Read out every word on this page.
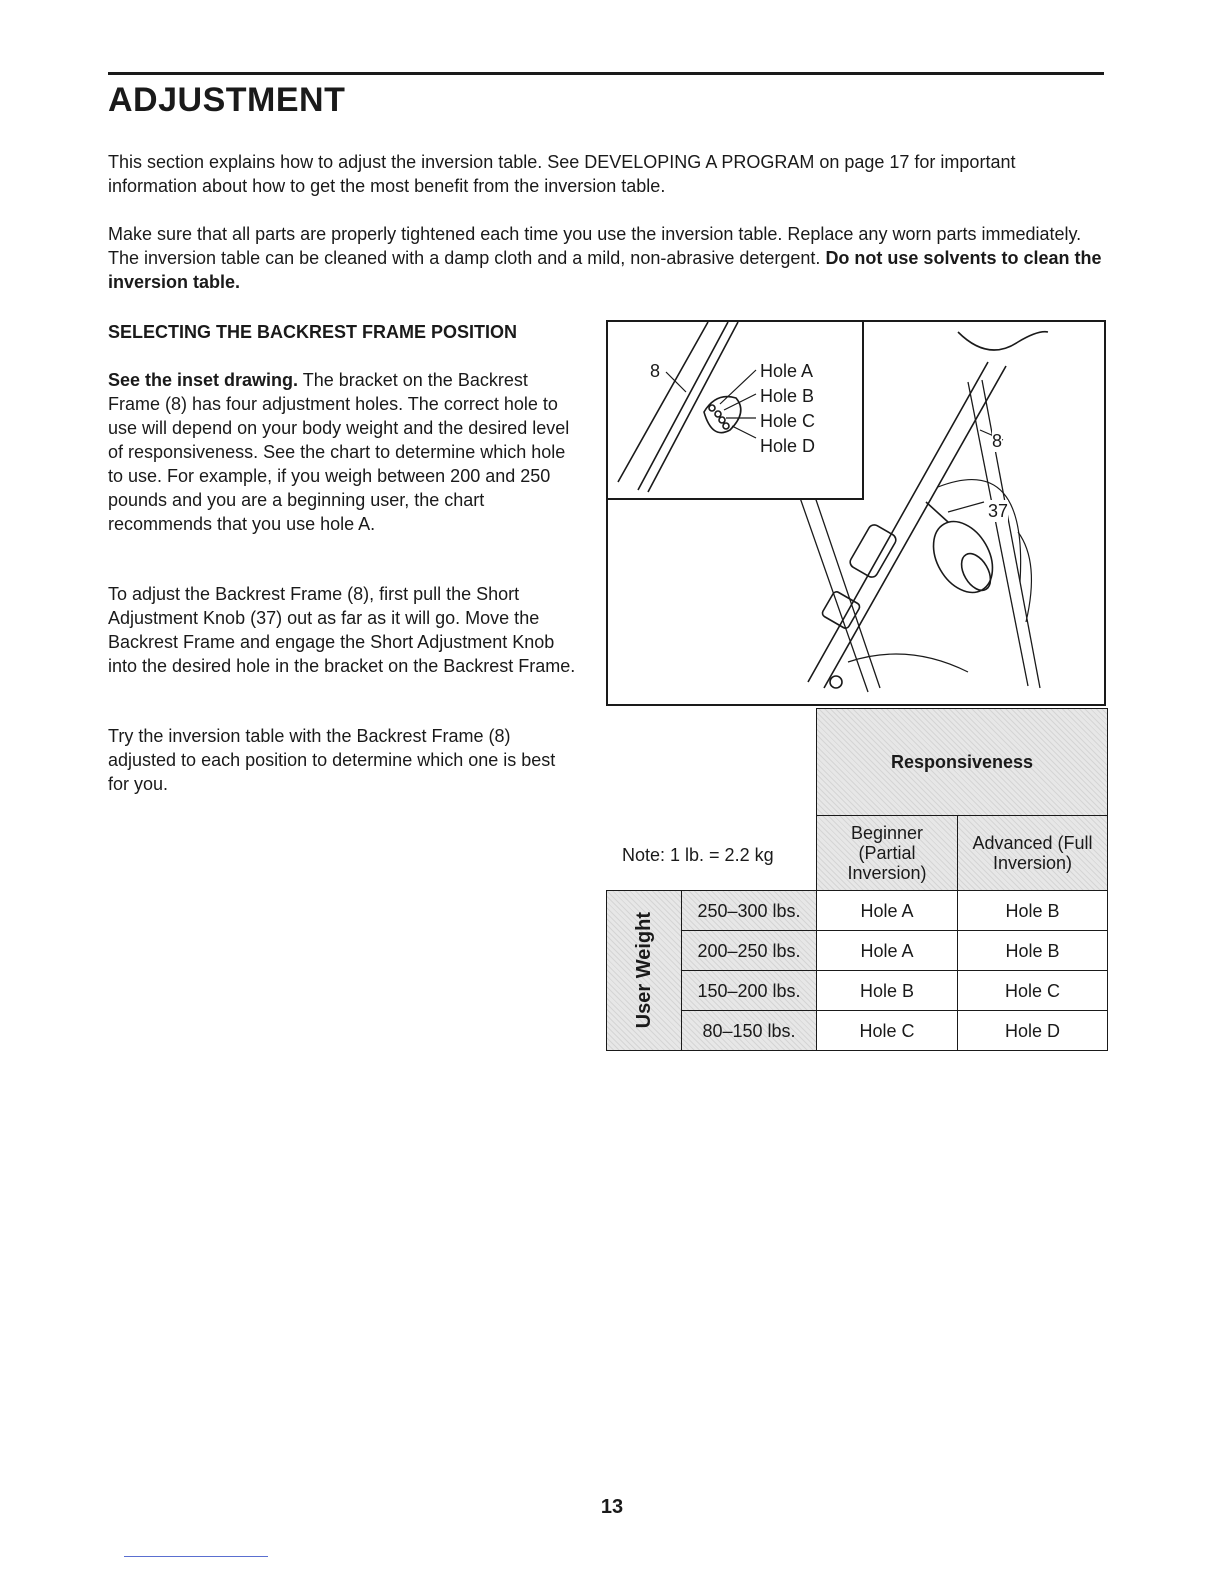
ADJUSTMENT

This section explains how to adjust the inversion table. See DEVELOPING A PROGRAM on page 17 for important information about how to get the most benefit from the inversion table.

Make sure that all parts are properly tightened each time you use the inversion table. Replace any worn parts immediately. The inversion table can be cleaned with a damp cloth and a mild, non-abrasive detergent. Do not use solvents to clean the inversion table.

SELECTING THE BACKREST FRAME POSITION

See the inset drawing. The bracket on the Backrest Frame (8) has four adjustment holes. The correct hole to use will depend on your body weight and the desired level of responsiveness. See the chart to determine which hole to use. For example, if you weigh between 200 and 250 pounds and you are a beginning user, the chart recommends that you use hole A.

To adjust the Backrest Frame (8), first pull the Short Adjustment Knob (37) out as far as it will go. Move the Backrest Frame and engage the Short Adjustment Knob into the desired hole in the bracket on the Backrest Frame.

Try the inversion table with the Backrest Frame (8) adjusted to each position to determine which one is best for you.

8	Hole A
Hole B
Hole C
Hole D	8
37

Note: 1 lb. = 2.2 kg

Responsiveness
Beginner (Partial Inversion)
Advanced (Full Inversion)
User Weight
250–300 lbs.	Hole A	Hole B
200–250 lbs.	Hole A	Hole B
150–200 lbs.	Hole B	Hole C
80–150 lbs.	Hole C	Hole D
13
